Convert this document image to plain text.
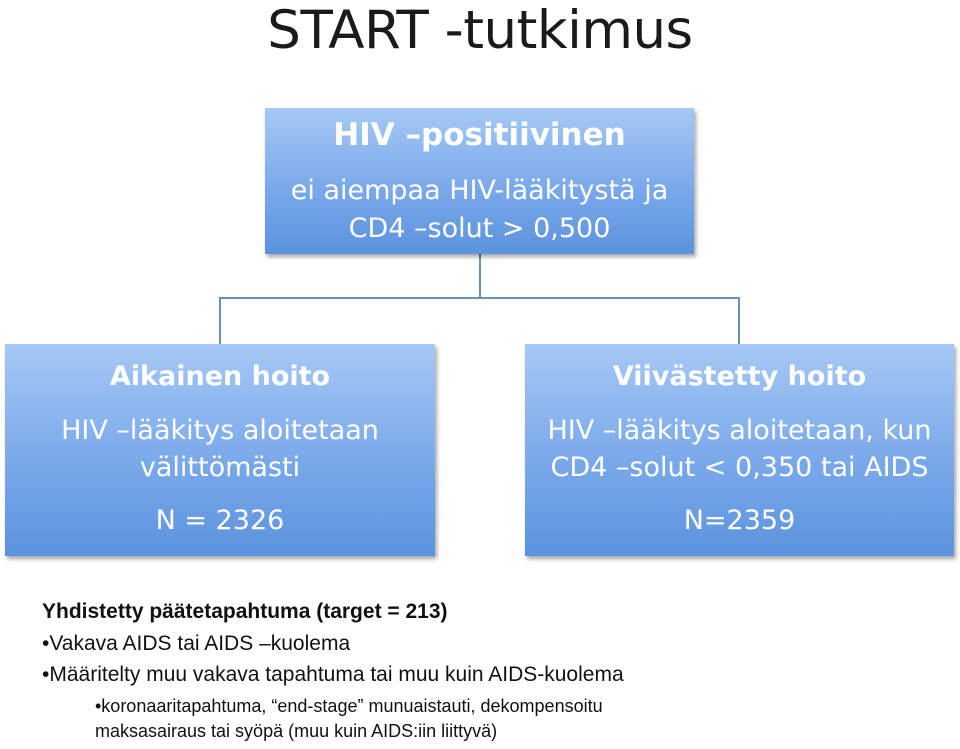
START -tutkimus
HIV –positiivinen
ei aiempaa HIV-lääkitystä ja
CD4 –solut > 0,500
Aikainen hoito
HIV –lääkitys aloitetaan
välittömästi
N = 2326
Viivästetty hoito
HIV –lääkitys aloitetaan, kun
CD4 –solut < 0,350 tai AIDS
N=2359
Yhdistetty päätetapahtuma (target = 213)
•Vakava AIDS tai AIDS –kuolema
•Määritelty muu vakava tapahtuma tai muu kuin AIDS-kuolema
•koronaaritapahtuma, “end-stage” munuaistauti, dekompensoitu
maksasairaus tai syöpä (muu kuin AIDS:iin liittyvä)
